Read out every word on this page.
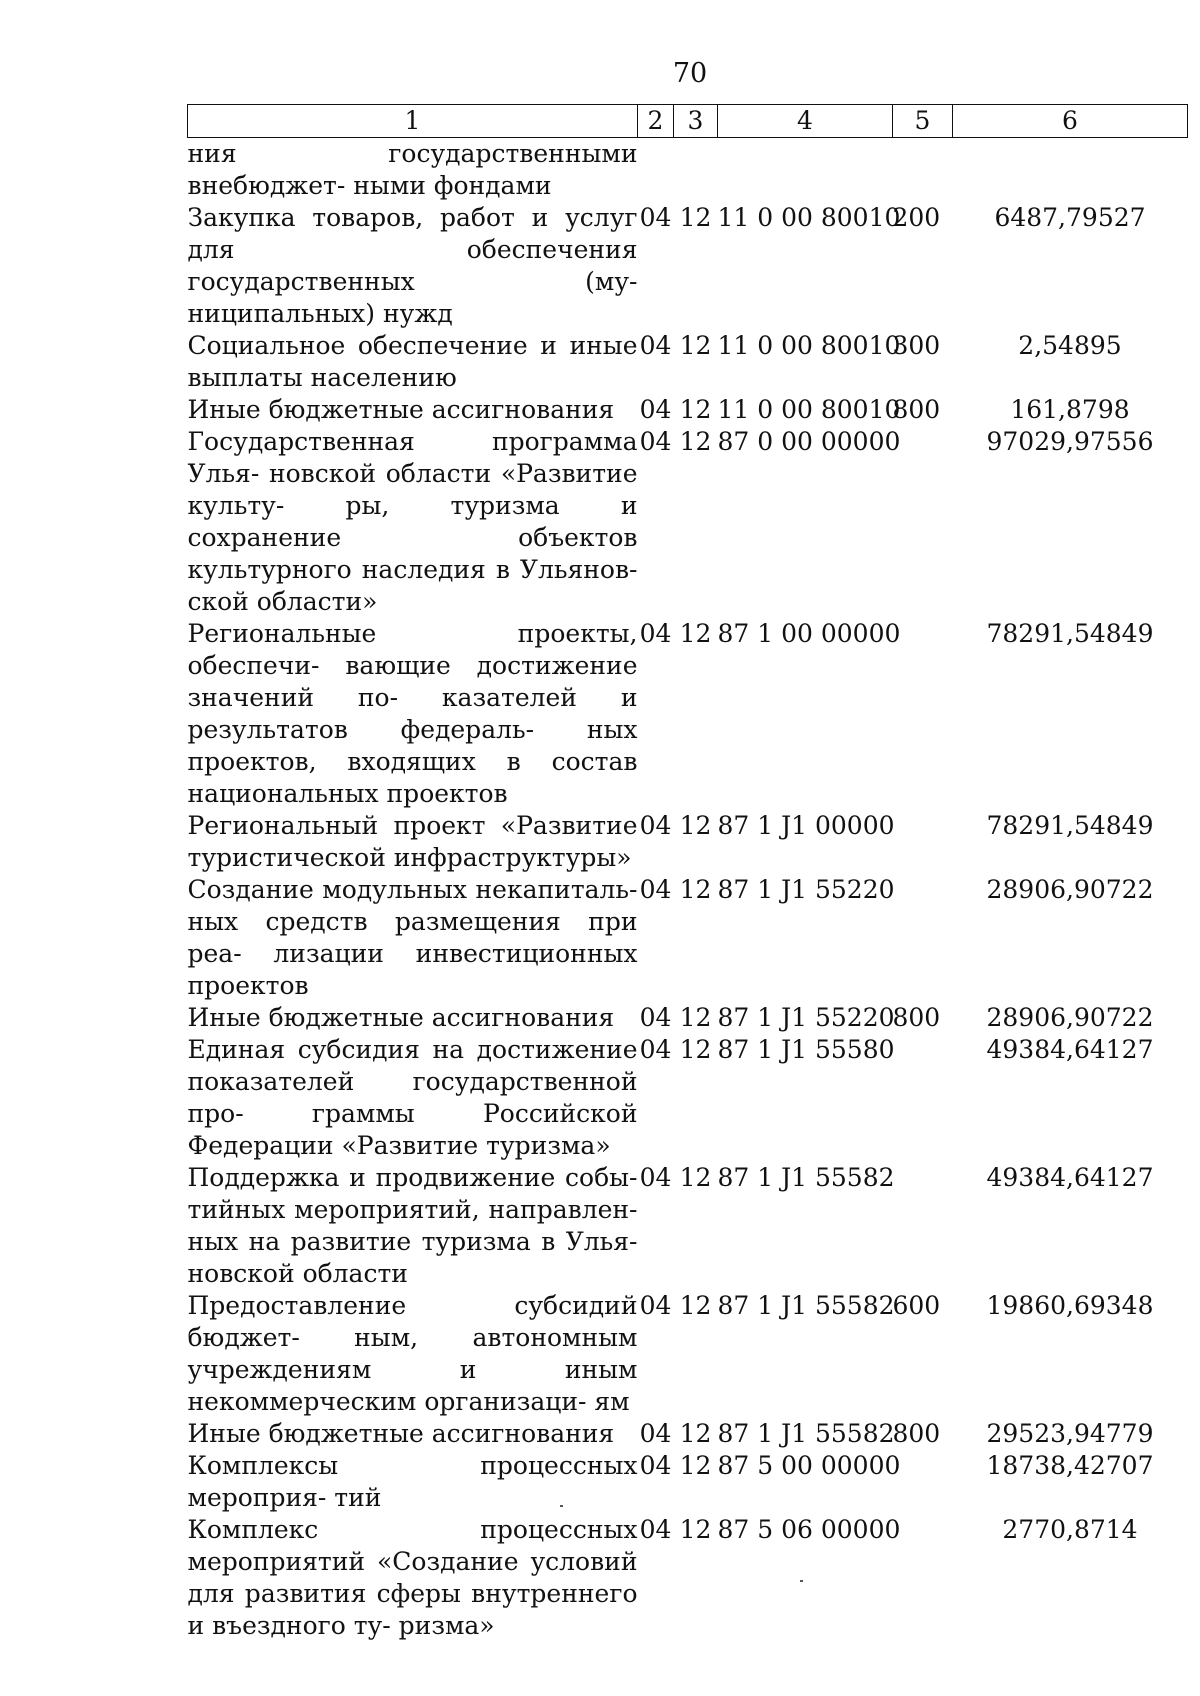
70
1	2	3	4	5	6
ния государственными внебюджет- ными фондами					
Закупка товаров, работ и услуг для обеспечения государственных (му- ниципальных) нужд	04	12	11 0 00 80010	200	6487,79527
Социальное обеспечение и иные выплаты населению	04	12	11 0 00 80010	300	2,54895
Иные бюджетные ассигнования	04	12	11 0 00 80010	800	161,8798
Государственная программа Улья- новской области «Развитие культу- ры, туризма и сохранение объектов культурного наследия в Ульянов- ской области»	04	12	87 0 00 00000		97029,97556
Региональные проекты, обеспечи- вающие достижение значений по- казателей и результатов федераль- ных проектов, входящих в состав национальных проектов	04	12	87 1 00 00000		78291,54849
Региональный проект «Развитие туристической инфраструктуры»	04	12	87 1 J1 00000		78291,54849
Создание модульных некапиталь- ных средств размещения при реа- лизации инвестиционных проектов	04	12	87 1 J1 55220		28906,90722
Иные бюджетные ассигнования	04	12	87 1 J1 55220	800	28906,90722
Единая субсидия на достижение показателей государственной про- граммы Российской Федерации «Развитие туризма»	04	12	87 1 J1 55580		49384,64127
Поддержка и продвижение собы- тийных мероприятий, направлен- ных на развитие туризма в Улья- новской области	04	12	87 1 J1 55582		49384,64127
Предоставление субсидий бюджет- ным, автономным учреждениям и иным некоммерческим организаци- ям	04	12	87 1 J1 55582	600	19860,69348
Иные бюджетные ассигнования	04	12	87 1 J1 55582	800	29523,94779
Комплексы процессных мероприя- тий	04	12	87 5 00 00000		18738,42707
Комплекс процессных мероприятий «Создание условий для развития сферы внутреннего и въездного ту- ризма»	04	12	87 5 06 00000		2770,8714
